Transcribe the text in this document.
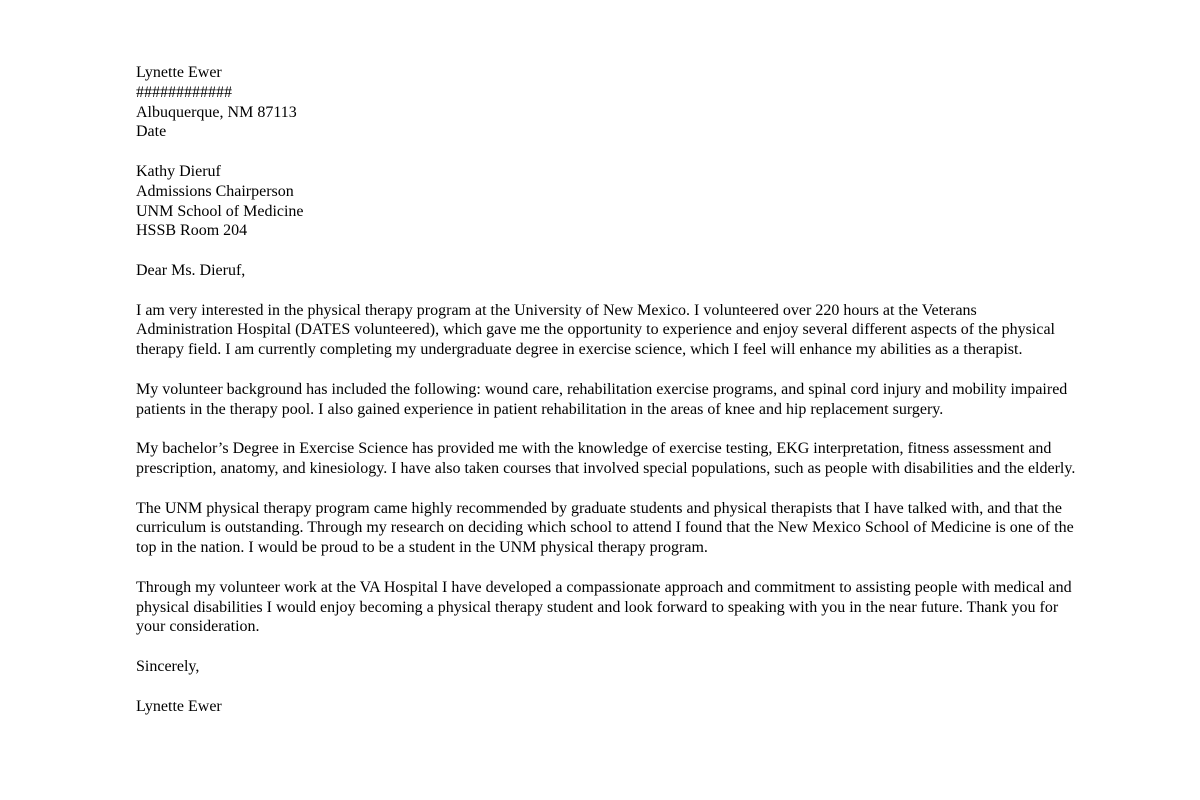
Lynette Ewer
############
Albuquerque, NM 87113
Date
Kathy Dieruf
Admissions Chairperson
UNM School of Medicine
HSSB Room 204

Dear Ms. Dieruf,

I am very interested in the physical therapy program at the University of New Mexico. I volunteered over 220 hours at the Veterans Administration Hospital (DATES volunteered), which gave me the opportunity to experience and enjoy several different aspects of the physical therapy field. I am currently completing my undergraduate degree in exercise science, which I feel will enhance my abilities as a therapist.

My volunteer background has included the following: wound care, rehabilitation exercise programs, and spinal cord injury and mobility impaired patients in the therapy pool. I also gained experience in patient rehabilitation in the areas of knee and hip replacement surgery.

My bachelor’s Degree in Exercise Science has provided me with the knowledge of exercise testing, EKG interpretation, fitness assessment and prescription, anatomy, and kinesiology. I have also taken courses that involved special populations, such as people with disabilities and the elderly.

The UNM physical therapy program came highly recommended by graduate students and physical therapists that I have talked with, and that the curriculum is outstanding. Through my research on deciding which school to attend I found that the New Mexico School of Medicine is one of the top in the nation. I would be proud to be a student in the UNM physical therapy program.

Through my volunteer work at the VA Hospital I have developed a compassionate approach and commitment to assisting people with medical and physical disabilities I would enjoy becoming a physical therapy student and look forward to speaking with you in the near future. Thank you for your consideration.

Sincerely,

Lynette Ewer
